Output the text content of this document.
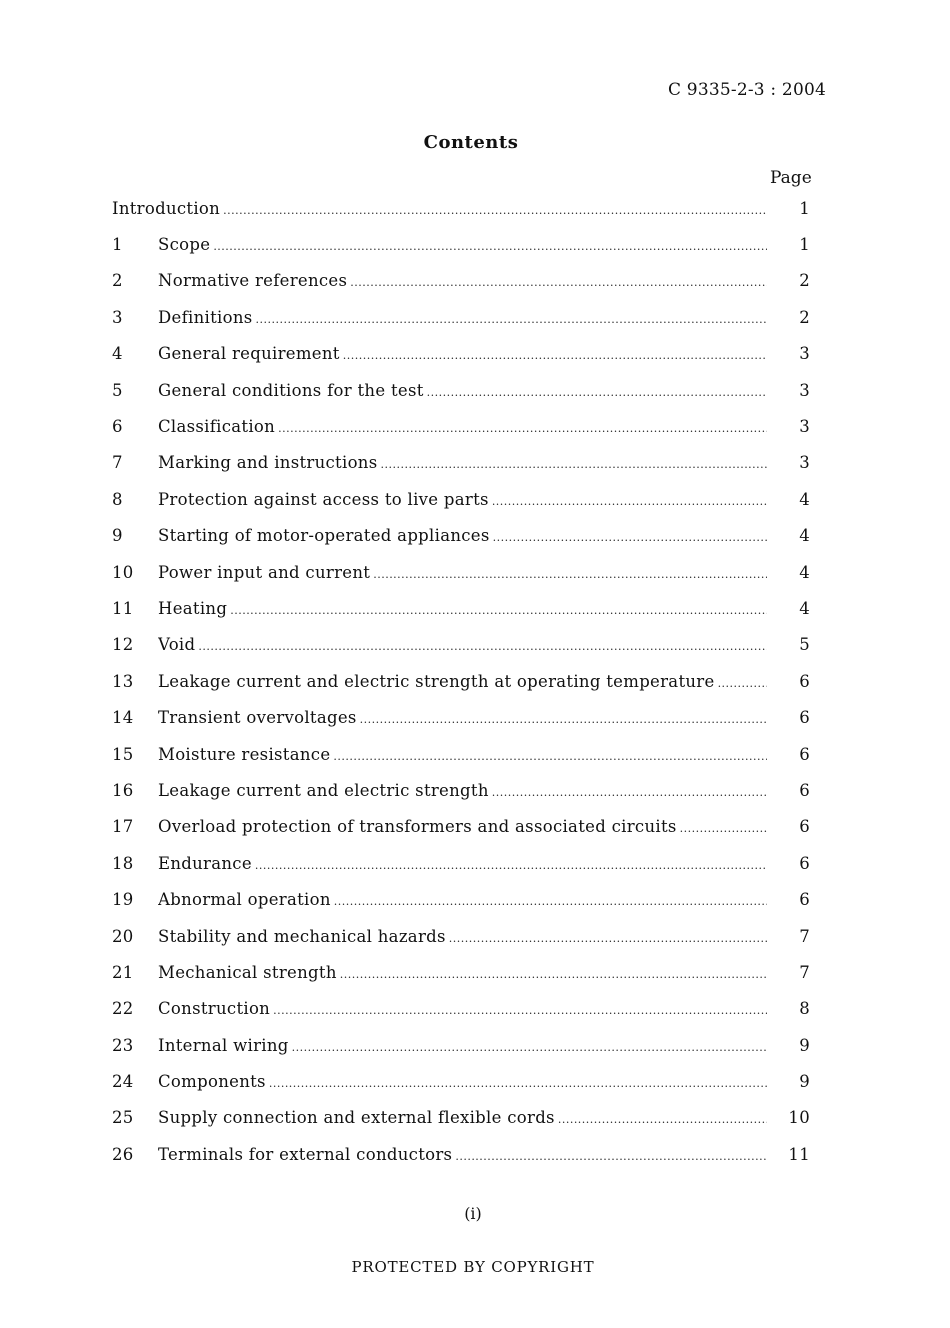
C 9335-2-3 : 2004
Contents
Page
Introduction .....	1
1	Scope .....	1
2	Normative references .....	2
3	Definitions .....	2
4	General requirement .....	3
5	General conditions for the test .....	3
6	Classification .....	3
7	Marking and instructions .....	3
8	Protection against access to live parts .....	4
9	Starting of motor-operated appliances .....	4
10	Power input and current .....	4
11	Heating .....	4
12	Void .....	5
13	Leakage current and electric strength at operating temperature .....	6
14	Transient overvoltages .....	6
15	Moisture resistance .....	6
16	Leakage current and electric strength .....	6
17	Overload protection of transformers and associated circuits .....	6
18	Endurance .....	6
19	Abnormal operation .....	6
20	Stability and mechanical hazards .....	7
21	Mechanical strength .....	7
22	Construction .....	8
23	Internal wiring .....	9
24	Components .....	9
25	Supply connection and external flexible cords .....	10
26	Terminals for external conductors .....	11
(i)
PROTECTED BY COPYRIGHT
